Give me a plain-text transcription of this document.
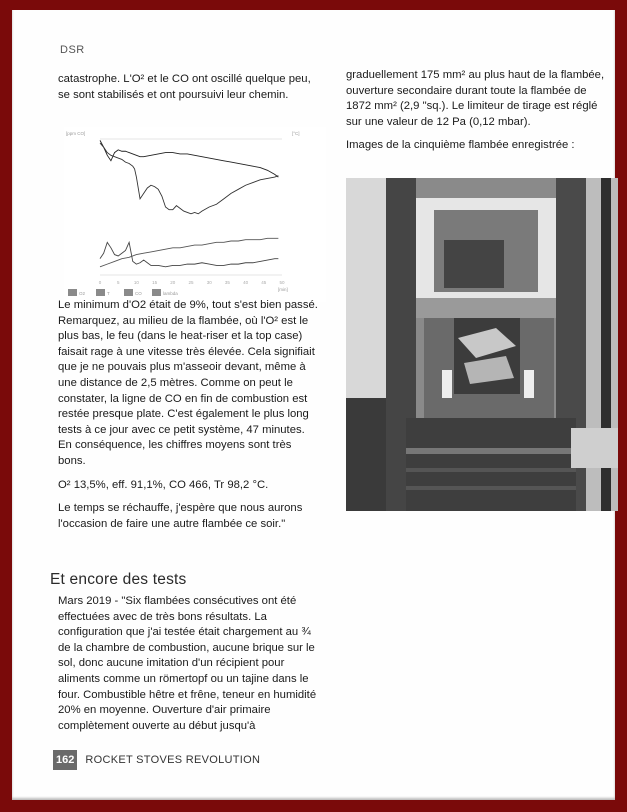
DSR

catastrophe. L'O² et le CO ont oscillé quelque peu, se sont stabilisés et ont poursuivi leur chemin.

[ppm CO]	[°C]
[min]
0	5	10	15	20	25	30	35	40	45	50
O2	T	CO	lambda

Le minimum d'O2 était de 9%, tout s'est bien passé. Remarquez, au milieu de la flambée, où l'O² est le plus bas, le feu (dans le heat-riser et la top case) faisait rage à une vitesse très élevée. Cela signifiait que je ne pouvais plus m'asseoir devant, même à une distance de 2,5 mètres. Comme on peut le constater, la ligne de CO en fin de combustion est restée presque plate. C'est également le plus long tests à ce jour avec ce petit système, 47 minutes. En conséquence, les chiffres moyens sont très bons.

O² 13,5%, eff. 91,1%, CO 466, Tr 98,2 °C.

Le temps se réchauffe, j'espère que nous aurons l'occasion de faire une autre flambée ce soir."

Et encore des tests

Mars 2019 - "Six flambées consécutives ont été effectuées avec de très bons résultats. La configuration que j'ai testée était chargement au ¾ de la chambre de combustion, aucune brique sur le sol, donc aucune imitation d'un récipient pour aliments comme un römertopf ou un tajine dans le four. Combustible hêtre et frêne, teneur en humidité 20% en moyenne. Ouverture d'air primaire complètement ouverte au début jusqu'à

graduellement 175 mm² au plus haut de la flambée, ouverture secondaire durant toute la flambée de 1872 mm² (2,9 "sq.). Le limiteur de tirage est réglé sur une valeur de 12 Pa (0,12 mbar).

Images de la cinquième flambée enregistrée :

162 ROCKET STOVES REVOLUTION
